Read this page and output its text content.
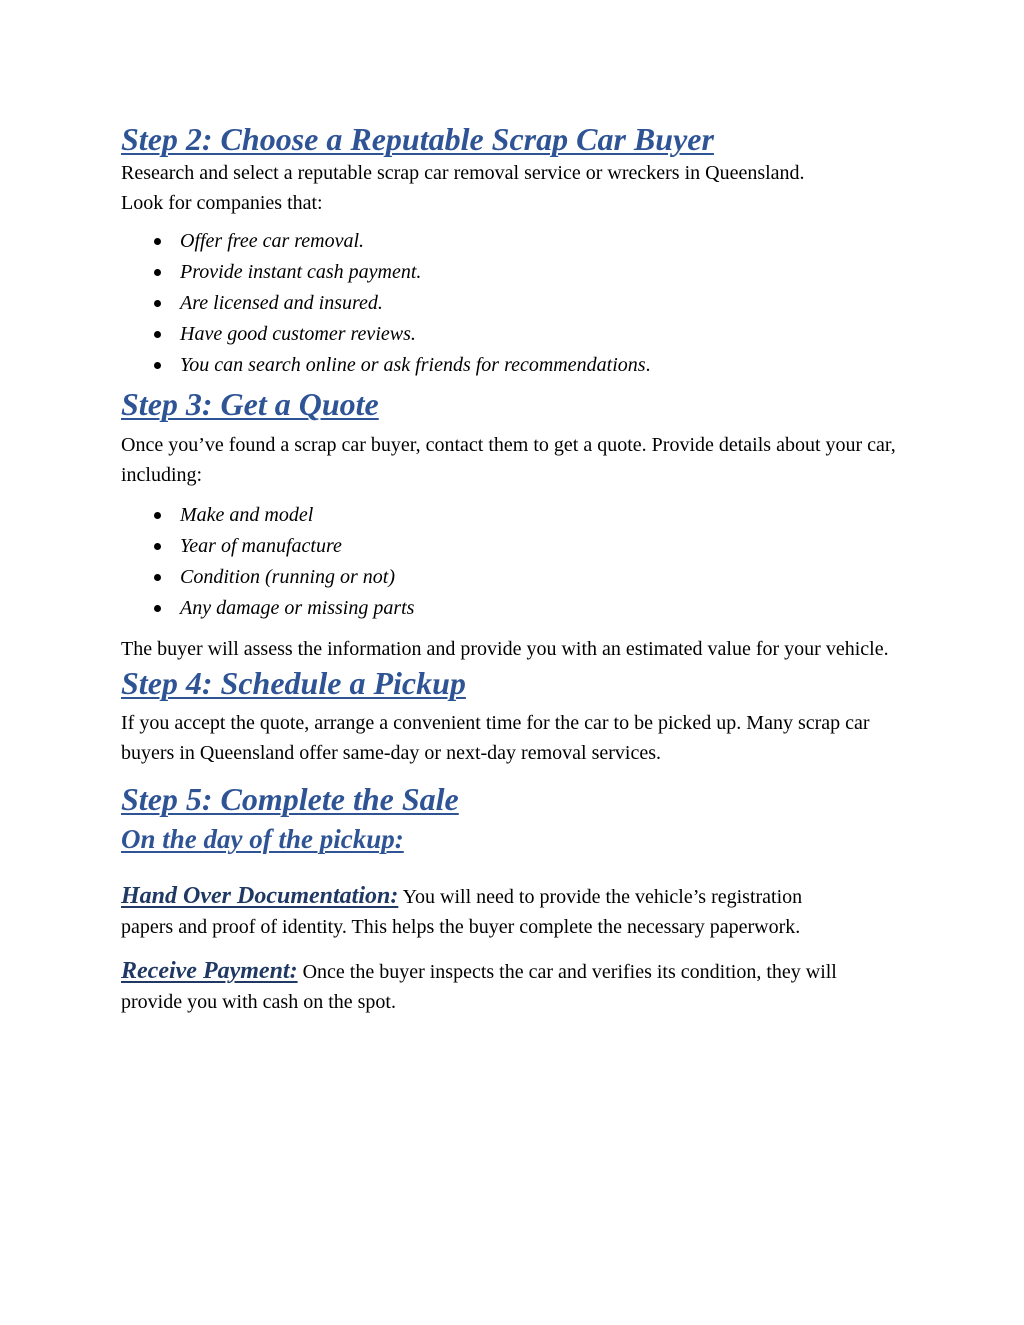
Step 2: Choose a Reputable Scrap Car Buyer

Research and select a reputable scrap car removal service or wreckers in Queensland. Look for companies that:

Offer free car removal.
Provide instant cash payment.
Are licensed and insured.
Have good customer reviews.
You can search online or ask friends for recommendations.
Step 3: Get a Quote

Once you’ve found a scrap car buyer, contact them to get a quote. Provide details about your car, including:

Make and model
Year of manufacture
Condition (running or not)
Any damage or missing parts

The buyer will assess the information and provide you with an estimated value for your vehicle.

Step 4: Schedule a Pickup

If you accept the quote, arrange a convenient time for the car to be picked up. Many scrap car buyers in Queensland offer same-day or next-day removal services.

Step 5: Complete the Sale
On the day of the pickup:

Hand Over Documentation: You will need to provide the vehicle’s registration papers and proof of identity. This helps the buyer complete the necessary paperwork.

Receive Payment: Once the buyer inspects the car and verifies its condition, they will provide you with cash on the spot.
